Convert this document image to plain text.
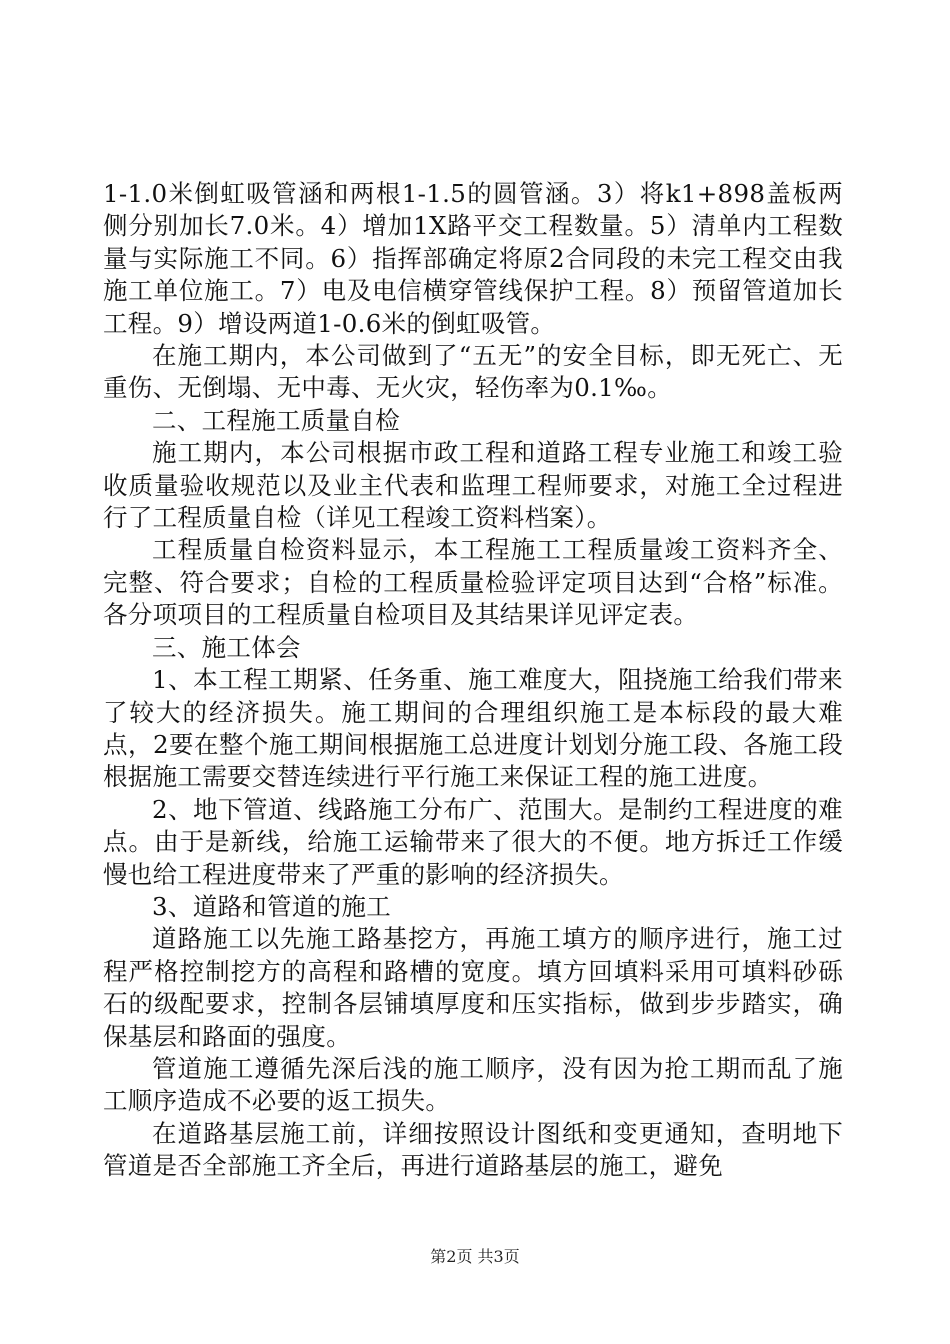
1-1.0米倒虹吸管涵和两根1-1.5的圆管涵。3）将k1+898盖板两侧分别加长7.0米。4）增加1X路平交工程数量。5）清单内工程数量与实际施工不同。6）指挥部确定将原2合同段的未完工程交由我施工单位施工。7）电及电信横穿管线保护工程。8）预留管道加长工程。9）增设两道1-0.6米的倒虹吸管。

在施工期内，本公司做到了“五无”的安全目标，即无死亡、无重伤、无倒塌、无中毒、无火灾，轻伤率为0.1‰。

二、工程施工质量自检

施工期内，本公司根据市政工程和道路工程专业施工和竣工验收质量验收规范以及业主代表和监理工程师要求，对施工全过程进行了工程质量自检（详见工程竣工资料档案）。

工程质量自检资料显示，本工程施工工程质量竣工资料齐全、完整、符合要求；自检的工程质量检验评定项目达到“合格”标准。各分项项目的工程质量自检项目及其结果详见评定表。

三、施工体会

1、本工程工期紧、任务重、施工难度大，阻挠施工给我们带来了较大的经济损失。施工期间的合理组织施工是本标段的最大难点，2要在整个施工期间根据施工总进度计划划分施工段、各施工段根据施工需要交替连续进行平行施工来保证工程的施工进度。

2、地下管道、线路施工分布广、范围大。是制约工程进度的难点。由于是新线，给施工运输带来了很大的不便。地方拆迁工作缓慢也给工程进度带来了严重的影响的经济损失。

3、道路和管道的施工

道路施工以先施工路基挖方，再施工填方的顺序进行，施工过程严格控制挖方的高程和路槽的宽度。填方回填料采用可填料砂砾石的级配要求，控制各层铺填厚度和压实指标，做到步步踏实，确保基层和路面的强度。

管道施工遵循先深后浅的施工顺序，没有因为抢工期而乱了施工顺序造成不必要的返工损失。

在道路基层施工前，详细按照设计图纸和变更通知，查明地下管道是否全部施工齐全后，再进行道路基层的施工，避免

第2页 共3页
